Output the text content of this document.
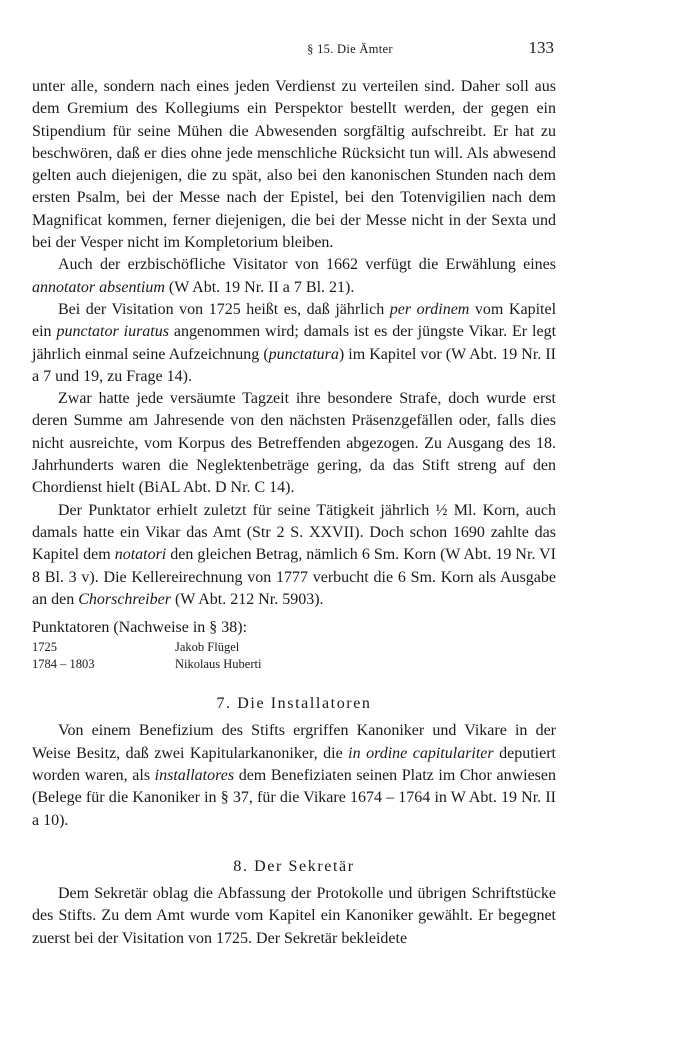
§ 15. Die Ämter	133

unter alle, sondern nach eines jeden Verdienst zu verteilen sind. Daher soll aus dem Gremium des Kollegiums ein Perspektor bestellt werden, der gegen ein Stipendium für seine Mühen die Abwesenden sorgfältig aufschreibt. Er hat zu beschwören, daß er dies ohne jede menschliche Rücksicht tun will. Als abwesend gelten auch diejenigen, die zu spät, also bei den kanonischen Stunden nach dem ersten Psalm, bei der Messe nach der Epistel, bei den Totenvigilien nach dem Magnificat kommen, ferner diejenigen, die bei der Messe nicht in der Sexta und bei der Vesper nicht im Kompletorium bleiben.

Auch der erzbischöfliche Visitator von 1662 verfügt die Erwählung eines annotator absentium (W Abt. 19 Nr. II a 7 Bl. 21).

Bei der Visitation von 1725 heißt es, daß jährlich per ordinem vom Kapitel ein punctator iuratus angenommen wird; damals ist es der jüngste Vikar. Er legt jährlich einmal seine Aufzeichnung (punctatura) im Kapitel vor (W Abt. 19 Nr. II a 7 und 19, zu Frage 14).

Zwar hatte jede versäumte Tagzeit ihre besondere Strafe, doch wurde erst deren Summe am Jahresende von den nächsten Präsenzgefällen oder, falls dies nicht ausreichte, vom Korpus des Betreffenden abgezogen. Zu Ausgang des 18. Jahrhunderts waren die Neglektenbeträge gering, da das Stift streng auf den Chordienst hielt (BiAL Abt. D Nr. C 14).

Der Punktator erhielt zuletzt für seine Tätigkeit jährlich ½ Ml. Korn, auch damals hatte ein Vikar das Amt (Str 2 S. XXVII). Doch schon 1690 zahlte das Kapitel dem notatori den gleichen Betrag, nämlich 6 Sm. Korn (W Abt. 19 Nr. VI 8 Bl. 3 v). Die Kellereirechnung von 1777 verbucht die 6 Sm. Korn als Ausgabe an den Chorschreiber (W Abt. 212 Nr. 5903).

Punktatoren (Nachweise in § 38):

1725	Jakob Flügel
1784 – 1803	Nikolaus Huberti
7. Die Installatoren

Von einem Benefizium des Stifts ergriffen Kanoniker und Vikare in der Weise Besitz, daß zwei Kapitularkanoniker, die in ordine capitulariter deputiert worden waren, als installatores dem Benefiziaten seinen Platz im Chor anwiesen (Belege für die Kanoniker in § 37, für die Vikare 1674 – 1764 in W Abt. 19 Nr. II a 10).

8. Der Sekretär

Dem Sekretär oblag die Abfassung der Protokolle und übrigen Schriftstücke des Stifts. Zu dem Amt wurde vom Kapitel ein Kanoniker gewählt. Er begegnet zuerst bei der Visitation von 1725. Der Sekretär bekleidete
